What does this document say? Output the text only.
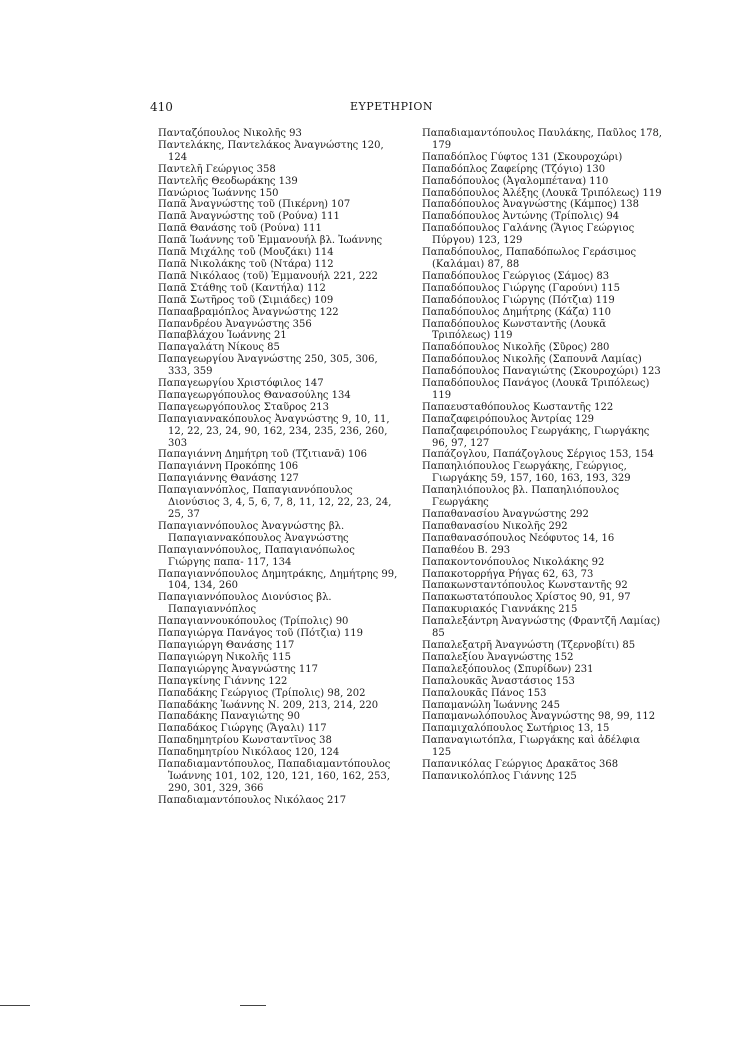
410	ΕΥΡΕΤΗΡΙΟΝ

Πανταζόπουλος Νικολῆς 93

Παντελάκης, Παντελάκος Ἀναγνώστης 120, 124

Παντελῆ Γεώργιος 358

Παντελῆς Θεοδωράκης 139

Πανώριος Ἰωάννης 150

Παπᾶ Ἀναγνώστης τοῦ (Πικέρνη) 107

Παπᾶ Ἀναγνώστης τοῦ (Ρούνα) 111

Παπᾶ Θανάσης τοῦ (Ρούνα) 111

Παπᾶ Ἰωάννης τοῦ Ἐμμανουήλ βλ. Ἰωάννης

Παπᾶ Μιχάλης τοῦ (Μουζάκι) 114

Παπᾶ Νικολάκης τοῦ (Ντάρα) 112

Παπᾶ Νικόλαος (τοῦ) Ἐμμανουήλ 221, 222

Παπᾶ Στάθης τοῦ (Καντήλα) 112

Παπᾶ Σωτῆρος τοῦ (Σιμιάδες) 109

Παπααβραμόπλος Ἀναγνώστης 122

Παπανδρέου Ἀναγνώστης 356

Παπαβλάχου Ἰωάννης 21

Παπαγαλάτη Νίκους 85

Παπαγεωργίου Ἀναγνώστης 250, 305, 306, 333, 359

Παπαγεωργίου Χριστόφιλος 147

Παπαγεωργόπουλος Θανασούλης 134

Παπαγεωργόπουλος Σταῦρος 213

Παπαγιαννακόπουλος Ἀναγνώστης 9, 10, 11, 12, 22, 23, 24, 90, 162, 234, 235, 236, 260, 303

Παπαγιάννη Δημήτρη τοῦ (Τζιτιανᾶ) 106

Παπαγιάννη Προκόπης 106

Παπαγιάννης Θανάσης 127

Παπαγιαννόπλος, Παπαγιαννόπουλος Διονύσιος 3, 4, 5, 6, 7, 8, 11, 12, 22, 23, 24, 25, 37

Παπαγιαννόπουλος Ἀναγνώστης βλ. Παπαγιαννακόπουλος Ἀναγνώστης

Παπαγιαννόπουλος, Παπαγιανόπωλος Γιώργης παπα- 117, 134

Παπαγιαννόπουλος Δημητράκης, Δημήτρης 99, 104, 134, 260

Παπαγιαννόπουλος Διονύσιος βλ. Παπαγιαννόπλος

Παπαγιαννουκόπουλος (Τρίπολις) 90

Παπαγιώργα Πανάγος τοῦ (Πότζια) 119

Παπαγιώργη Θανάσης 117

Παπαγιώργη Νικολῆς 115

Παπαγιώργης Ἀναγνώστης 117

Παπαγκίνης Γιάννης 122

Παπαδάκης Γεώργιος (Τρίπολις) 98, 202

Παπαδάκης Ἰωάννης Ν. 209, 213, 214, 220

Παπαδάκης Παναγιώτης 90

Παπαδάκος Γιώργης (Ἄγαλι) 117

Παπαδημητρίου Κωνσταντῖνος 38

Παπαδημητρίου Νικόλαος 120, 124

Παπαδιαμαντόπουλος, Παπαδιαμαντόπουλος Ἰωάννης 101, 102, 120, 121, 160, 162, 253, 290, 301, 329, 366

Παπαδιαμαντόπουλος Νικόλαος 217

Παπαδιαμαντόπουλος Παυλάκης, Παῦλος 178, 179

Παπαδόπλος Γύφτος 131 (Σκουροχώρι)

Παπαδόπλος Ζαφείρης (Τζόγιο) 130

Παπαδόπουλος (Ἀγαλομπέτανα) 110

Παπαδόπουλος Ἀλέξης (Λουκᾶ Τριπόλεως) 119

Παπαδόπουλος Ἀναγνώστης (Κάμπος) 138

Παπαδόπουλος Ἀντώνης (Τρίπολις) 94

Παπαδόπουλος Γαλάνης (Ἅγιος Γεώργιος Πύργου) 123, 129

Παπαδόπουλος, Παπαδόπωλος Γεράσιμος (Καλάμαι) 87, 88

Παπαδόπουλος Γεώργιος (Σάμος) 83

Παπαδόπουλος Γιώργης (Γαρούνι) 115

Παπαδόπουλος Γιώργης (Πότζια) 119

Παπαδόπουλος Δημήτρης (Κάζα) 110

Παπαδόπουλος Κωνσταντῆς (Λουκᾶ Τριπόλεως) 119

Παπαδόπουλος Νικολῆς (Σῦρος) 280

Παπαδόπουλος Νικολῆς (Σαπουνᾶ Λαμίας)

Παπαδόπουλος Παναγιώτης (Σκουροχώρι) 123

Παπαδόπουλος Πανάγος (Λουκᾶ Τριπόλεως) 119

Παπαευσταθόπουλος Κωσταντῆς 122

Παπαζαφειρόπουλος Ἀντρίας 129

Παπαζαφειρόπουλος Γεωργάκης, Γιωργάκης 96, 97, 127

Παπάζογλου, Παπάζογλους Σέργιος 153, 154

Παπαηλιόπουλος Γεωργάκης, Γεώργιος, Γιωργάκης 59, 157, 160, 163, 193, 329

Παπαηλιόπουλος βλ. Παπαηλιόπουλος Γεωργάκης

Παπαθανασίου Ἀναγνώστης 292

Παπαθανασίου Νικολῆς 292

Παπαθανασόπουλος Νεόφυτος 14, 16

Παπαθέου Β. 293

Παπακοντονόπουλος Νικολάκης 92

Παπακοτορρήγα Ρήγας 62, 63, 73

Παπακωνσταντόπουλος Κωνσταντῆς 92

Παπακωστατόπουλος Χρίστος 90, 91, 97

Παπακυριακός Γιαννάκης 215

Παπαλεξάντρη Ἀναγνώστης (Φραντζῆ Λαμίας) 85

Παπαλεξατρῆ Ἀναγνώστη (Τζερνοβίτι) 85

Παπαλεξίου Ἀναγνώστης 152

Παπαλεξόπουλος (Σπυρίδων) 231

Παπαλουκᾶς Ἀναστάσιος 153

Παπαλουκᾶς Πάνος 153

Παπαμανώλη Ἰωάννης 245

Παπαμανωλόπουλος Ἀναγνώστης 98, 99, 112

Παπαμιχαλόπουλος Σωτήριος 13, 15

Παπαναγιωτόπλα, Γιωργάκης καὶ ἀδέλφια 125

Παπανικόλας Γεώργιος Δρακᾶτος 368

Παπανικολόπλος Γιάννης 125
